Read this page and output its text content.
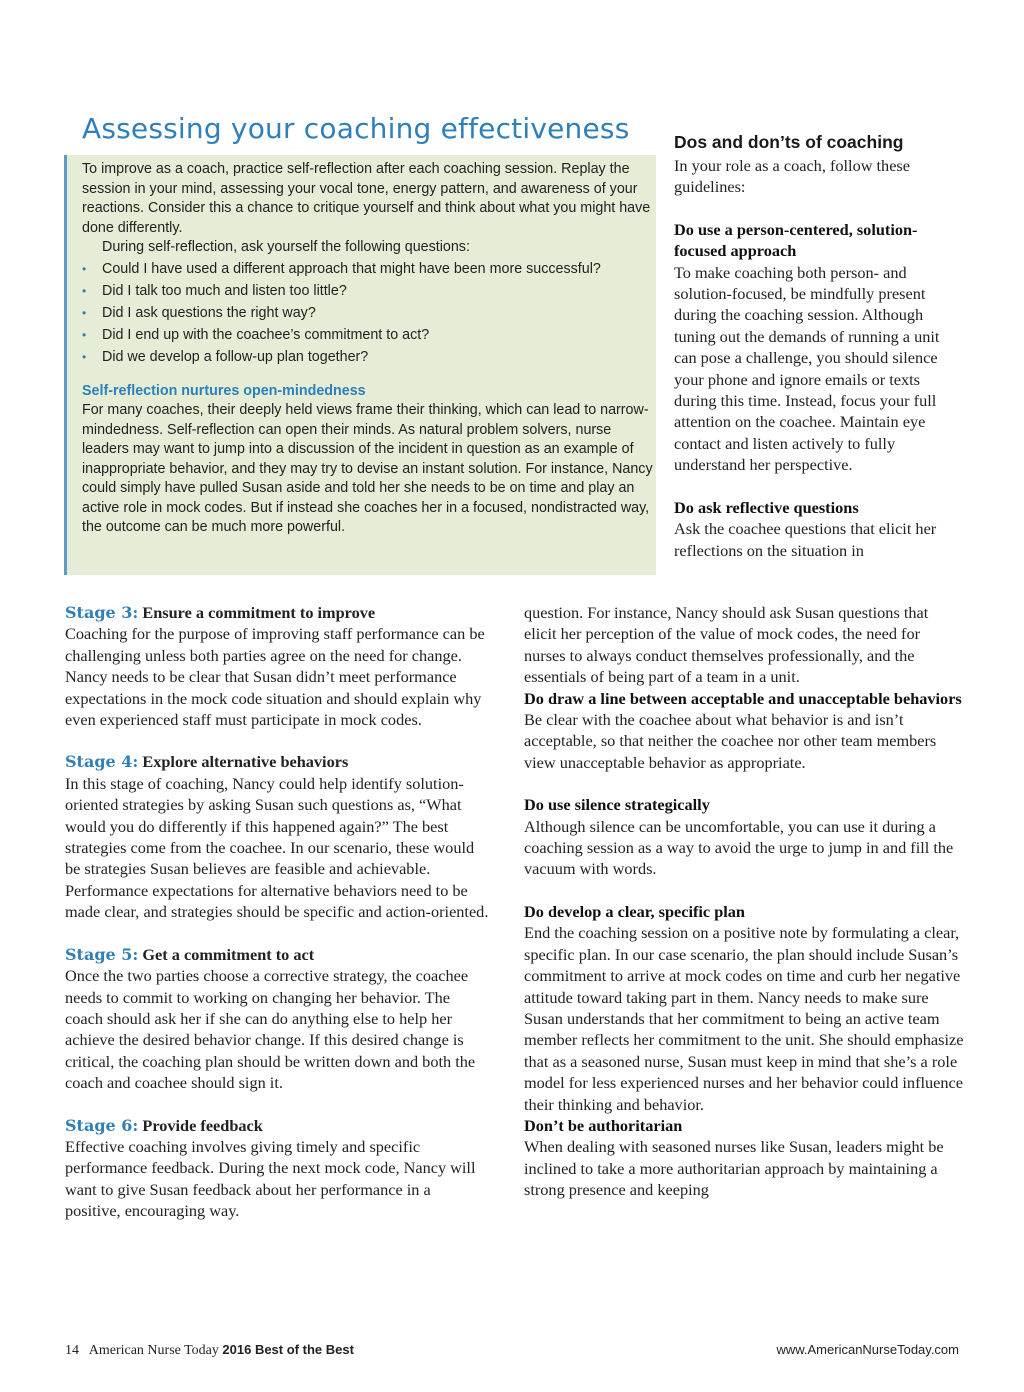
Assessing your coaching effectiveness

To improve as a coach, practice self-reflection after each coaching session. Replay the session in your mind, assessing your vocal tone, energy pattern, and awareness of your reactions. Consider this a chance to critique yourself and think about what you might have done differently.

During self-reflection, ask yourself the following questions:

• Could I have used a different approach that might have been more successful?
• Did I talk too much and listen too little?
• Did I ask questions the right way?
• Did I end up with the coachee’s commitment to act?
• Did we develop a follow-up plan together?

Self-reflection nurtures open-mindedness

For many coaches, their deeply held views frame their thinking, which can lead to narrow-mindedness. Self-reflection can open their minds. As natural problem solvers, nurse leaders may want to jump into a discussion of the incident in question as an example of inappropriate behavior, and they may try to devise an instant solution. For instance, Nancy could simply have pulled Susan aside and told her she needs to be on time and play an active role in mock codes. But if instead she coaches her in a focused, nondistracted way, the outcome can be much more powerful.

Dos and don’ts of coaching

In your role as a coach, follow these guidelines:

Do use a person-centered, solution-focused approach

To make coaching both person- and solution-focused, be mindfully present during the coaching session. Although tuning out the demands of running a unit can pose a challenge, you should silence your phone and ignore emails or texts during this time. Instead, focus your full attention on the coachee. Maintain eye contact and listen actively to fully understand her perspective.

Do ask reflective questions

Ask the coachee questions that elicit her reflections on the situation in

question. For instance, Nancy should ask Susan questions that elicit her perception of the value of mock codes, the need for nurses to always conduct themselves professionally, and the essentials of being part of a team in a unit.

Do draw a line between acceptable and unacceptable behaviors

Be clear with the coachee about what behavior is and isn’t acceptable, so that neither the coachee nor other team members view unacceptable behavior as appropriate.

Do use silence strategically

Although silence can be uncomfortable, you can use it during a coaching session as a way to avoid the urge to jump in and fill the vacuum with words.

Do develop a clear, specific plan

End the coaching session on a positive note by formulating a clear, specific plan. In our case scenario, the plan should include Susan’s commitment to arrive at mock codes on time and curb her negative attitude toward taking part in them. Nancy needs to make sure Susan understands that her commitment to being an active team member reflects her commitment to the unit. She should emphasize that as a seasoned nurse, Susan must keep in mind that she’s a role model for less experienced nurses and her behavior could influence their thinking and behavior.

Don’t be authoritarian

When dealing with seasoned nurses like Susan, leaders might be inclined to take a more authoritarian approach by maintaining a strong presence and keeping

Stage 3: Ensure a commitment to improve

Coaching for the purpose of improving staff performance can be challenging unless both parties agree on the need for change. Nancy needs to be clear that Susan didn’t meet performance expectations in the mock code situation and should explain why even experienced staff must participate in mock codes.

Stage 4: Explore alternative behaviors

In this stage of coaching, Nancy could help identify solution-oriented strategies by asking Susan such questions as, “What would you do differently if this happened again?” The best strategies come from the coachee. In our scenario, these would be strategies Susan believes are feasible and achievable. Performance expectations for alternative behaviors need to be made clear, and strategies should be specific and action-oriented.

Stage 5: Get a commitment to act

Once the two parties choose a corrective strategy, the coachee needs to commit to working on changing her behavior. The coach should ask her if she can do anything else to help her achieve the desired behavior change. If this desired change is critical, the coaching plan should be written down and both the coach and coachee should sign it.

Stage 6: Provide feedback

Effective coaching involves giving timely and specific performance feedback. During the next mock code, Nancy will want to give Susan feedback about her performance in a positive, encouraging way.

14 American Nurse Today 2016 Best of the Best	www.AmericanNurseToday.com
